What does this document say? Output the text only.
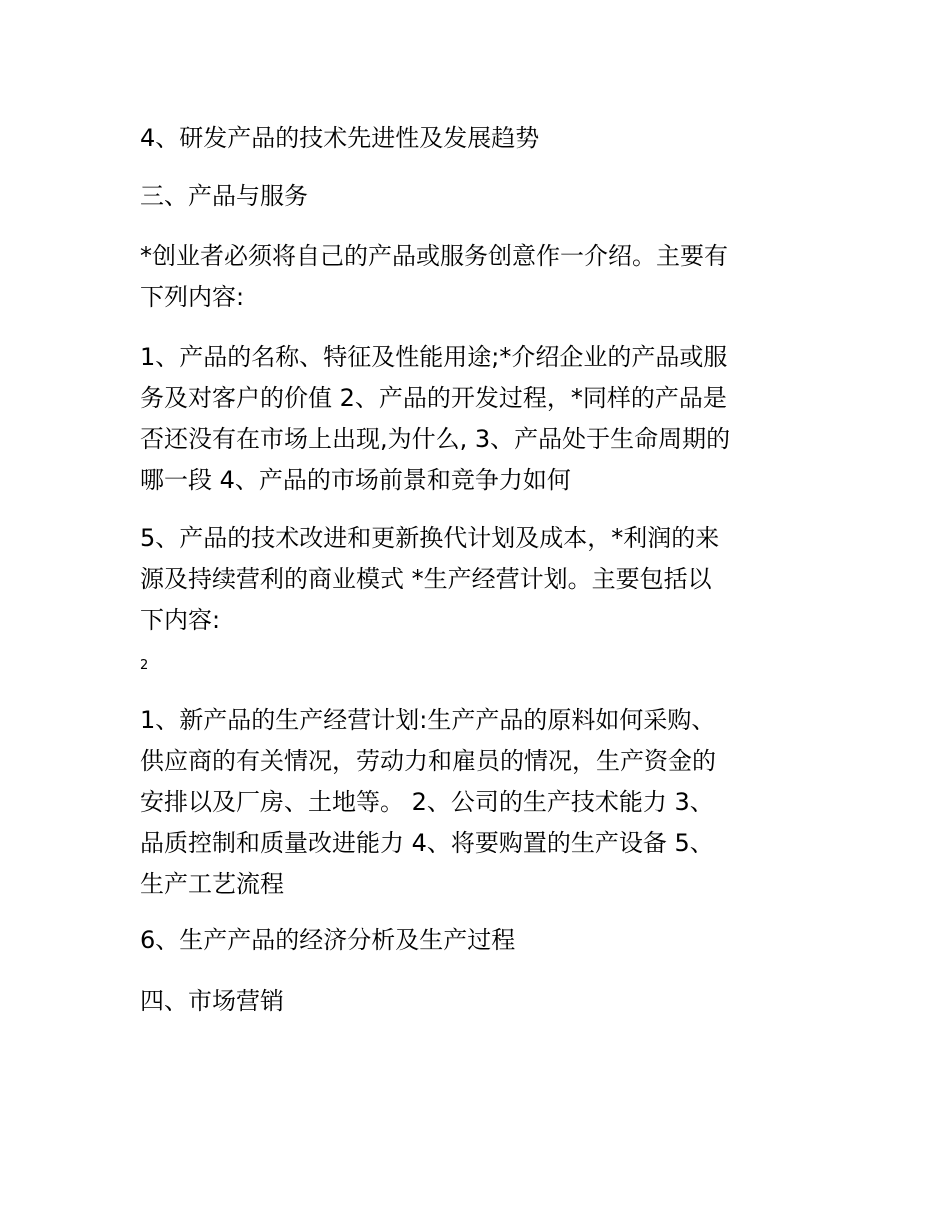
4、研发产品的技术先进性及发展趋势

三、产品与服务

*创业者必须将自己的产品或服务创意作一介绍。主要有
下列内容:

1、产品的名称、特征及性能用途;*介绍企业的产品或服
务及对客户的价值 2、产品的开发过程，*同样的产品是
否还没有在市场上出现,为什么, 3、产品处于生命周期的
哪一段 4、产品的市场前景和竞争力如何

5、产品的技术改进和更新换代计划及成本，*利润的来
源及持续营利的商业模式 *生产经营计划。主要包括以
下内容:

2

1、新产品的生产经营计划:生产产品的原料如何采购、
供应商的有关情况，劳动力和雇员的情况，生产资金的
安排以及厂房、土地等。 2、公司的生产技术能力 3、
品质控制和质量改进能力 4、将要购置的生产设备 5、
生产工艺流程

6、生产产品的经济分析及生产过程

四、市场营销
